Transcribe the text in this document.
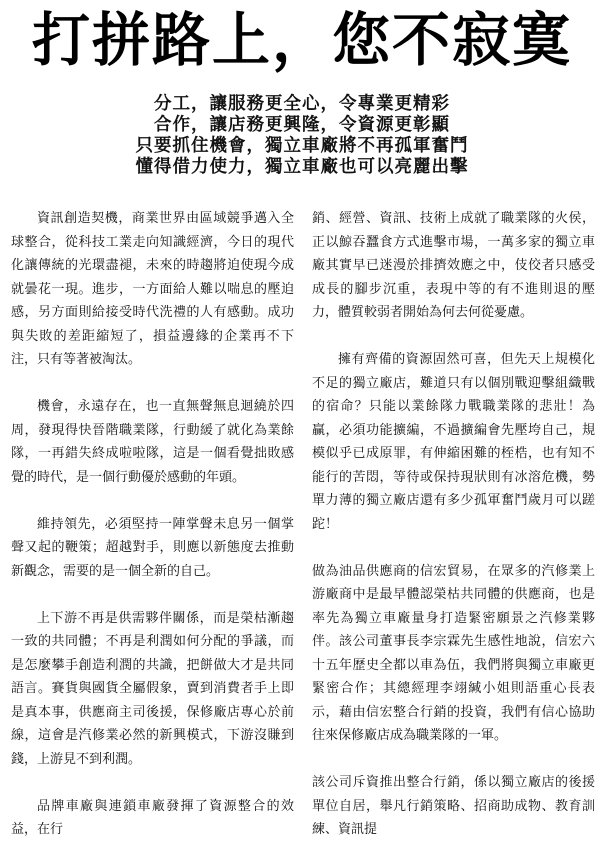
打拼路上，您不寂寞
分工，讓服務更全心，令專業更精彩
合作，讓店務更興隆，令資源更彰顯
只要抓住機會，獨立車廠將不再孤軍奮鬥
懂得借力使力，獨立車廠也可以亮麗出擊

資訊創造契機，商業世界由區域競爭邁入全球整合，從科技工業走向知識經濟，今日的現代化讓傳統的光環盡褪，未來的時趨將迫使現今成就曇花一現。進步，一方面給人難以喘息的壓迫感，另方面則給接受時代洗禮的人有感動。成功與失敗的差距縮短了，損益邊緣的企業再不下注，只有等著被淘汰。

機會，永遠存在，也一直無聲無息迴繞於四周，發現得快晉階職業隊，行動緩了就化為業餘隊，一再錯失終成啦啦隊，這是一個看覺拙敗感覺的時代，是一個行動優於感動的年頭。

維持領先，必須堅持一陣掌聲未息另一個掌聲又起的鞭策；超越對手，則應以新態度去推動新觀念，需要的是一個全新的自己。

上下游不再是供需夥伴關係，而是榮枯漸趨一致的共同體；不再是利潤如何分配的爭議，而是怎麼攀手創造利潤的共識，把餅做大才是共同語言。賽貨與國貨全屬假象，賣到消費者手上即是真本事，供應商主司後援，保修廠店專心於前線，這會是汽修業必然的新興模式，下游沒賺到錢，上游見不到利潤。

品牌車廠與連鎖車廠發揮了資源整合的效益，在行

銷、經營、資訊、技術上成就了職業隊的火侯，正以鯨吞蠶食方式進擊市場，一萬多家的獨立車廠其實早已迷漫於排擠效應之中，伎佼者只感受成長的腳步沉重，表現中等的有不進則退的壓力，體質較弱者開始為何去何從憂慮。

擁有齊備的資源固然可喜，但先天上規模化不足的獨立廠店，難道只有以個別戰迎擊組織戰的宿命？只能以業餘隊力戰職業隊的悲壯！為贏，必須功能擴編，不過擴編會先壓垮自己，規模似乎已成原罪，有伸縮困難的桎梏，也有知不能行的苦悶，等待或保持現狀則有冰溶危機，勢單力薄的獨立廠店還有多少孤軍奮鬥歲月可以蹉跎！

做為油品供應商的信宏貿易，在眾多的汽修業上游廠商中是最早體認榮枯共同體的供應商，也是率先為獨立車廠量身打造緊密願景之汽修業夥伴。該公司董事長李宗霖先生感性地說，信宏六十五年歷史全都以車為伍，我們將與獨立車廠更緊密合作；其總經理李翊緘小姐則語重心長表示，藉由信宏整合行銷的投資，我們有信心協助往來保修廠店成為職業隊的一軍。

該公司斥資推出整合行銷，係以獨立廠店的後援單位自居，舉凡行銷策略、招商助成物、教育訓練、資訊提
